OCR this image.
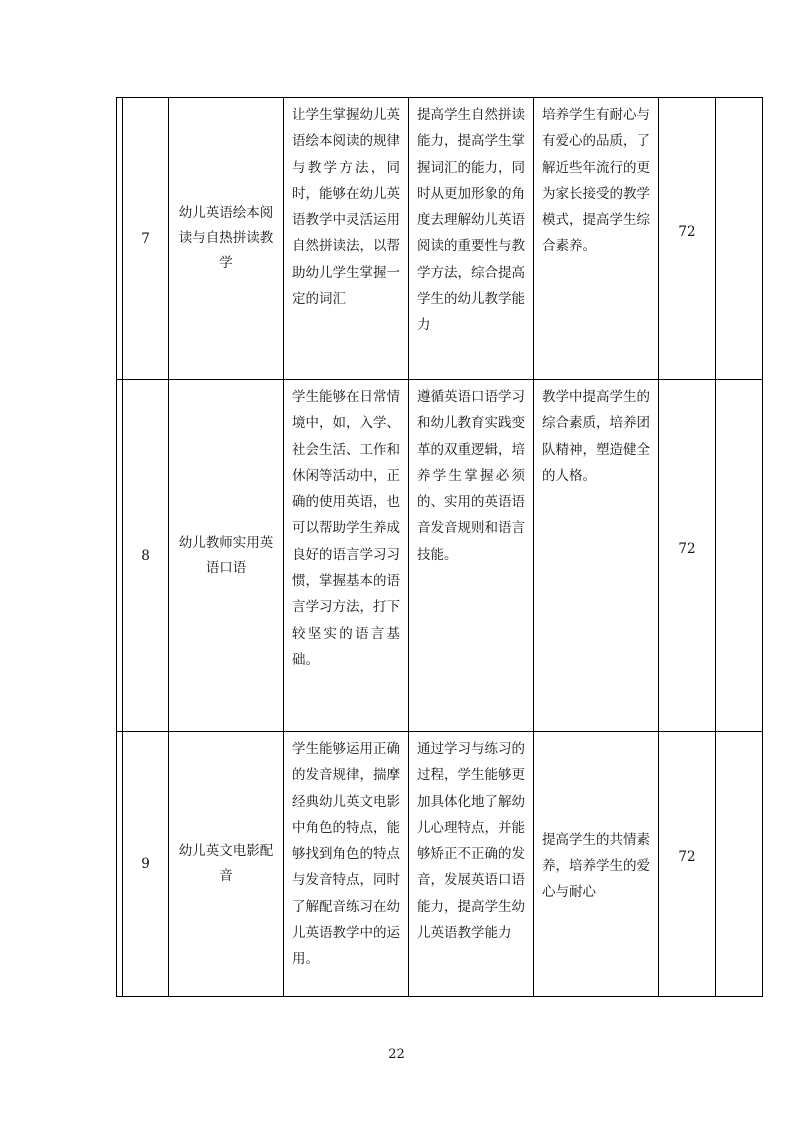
	7	幼儿英语绘本阅读与自热拼读教学	让学生掌握幼儿英语绘本阅读的规律与教学方法，同时，能够在幼儿英语教学中灵活运用自然拼读法，以帮助幼儿学生掌握一定的词汇	提高学生自然拼读能力，提高学生掌握词汇的能力，同时从更加形象的角度去理解幼儿英语阅读的重要性与教学方法，综合提高学生的幼儿教学能力	培养学生有耐心与有爱心的品质，了解近些年流行的更为家长接受的教学模式，提高学生综合素养。	72	

	8	幼儿教师实用英语口语	学生能够在日常情境中，如，入学、社会生活、工作和休闲等活动中，正确的使用英语，也可以帮助学生养成良好的语言学习习惯，掌握基本的语言学习方法，打下较坚实的语言基础。	遵循英语口语学习和幼儿教育实践变革的双重逻辑，培养学生掌握必须的、实用的英语语音发音规则和语言技能。	教学中提高学生的综合素质，培养团队精神，塑造健全的人格。	72	

	9	幼儿英文电影配音	学生能够运用正确的发音规律，揣摩经典幼儿英文电影中角色的特点，能够找到角色的特点与发音特点，同时了解配音练习在幼儿英语教学中的运用。	通过学习与练习的过程，学生能够更加具体化地了解幼儿心理特点，并能够矫正不正确的发音，发展英语口语能力，提高学生幼儿英语教学能力	提高学生的共情素养，培养学生的爱心与耐心	72	

22
